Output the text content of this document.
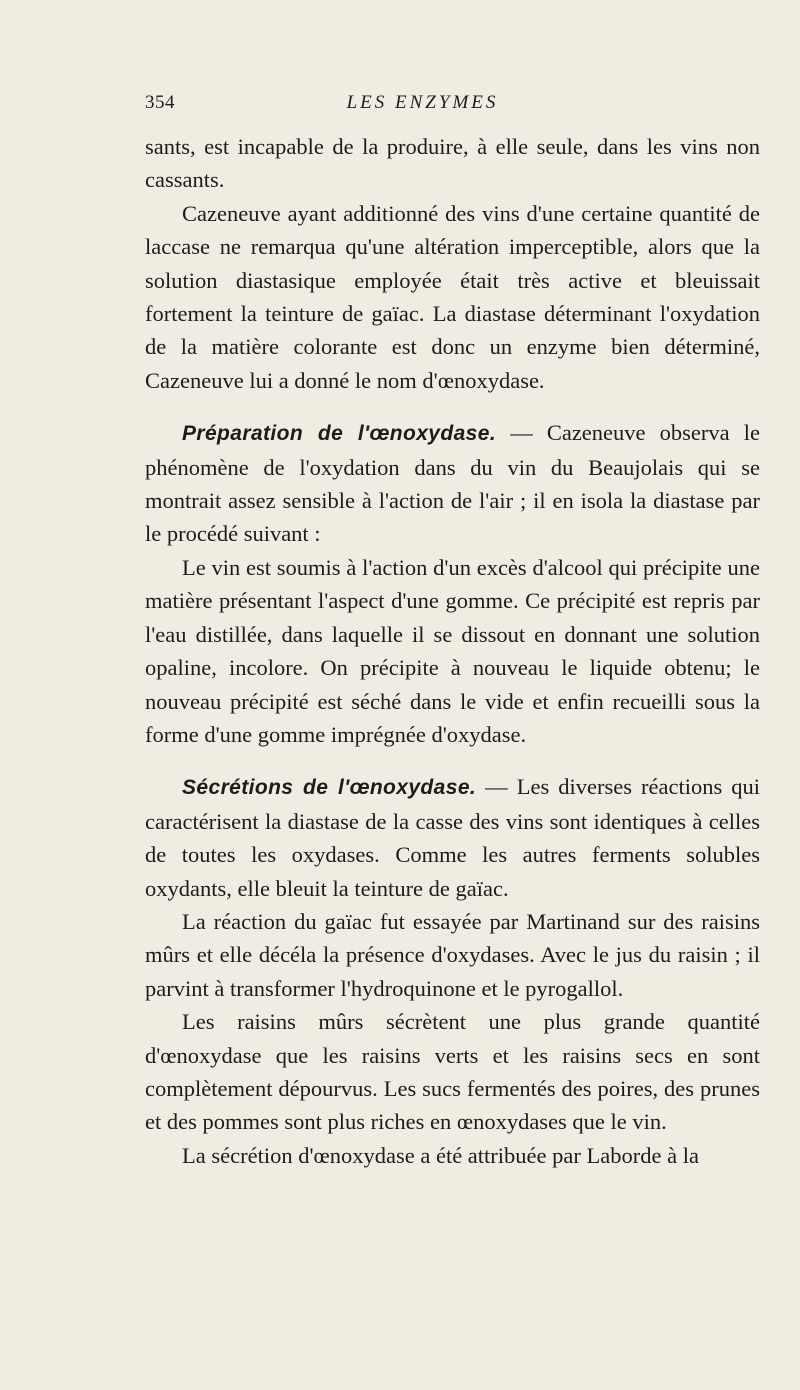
354	LES ENZYMES

sants, est incapable de la produire, à elle seule, dans les vins non cassants.

Cazeneuve ayant additionné des vins d'une certaine quantité de laccase ne remarqua qu'une altération imperceptible, alors que la solution diastasique employée était très active et bleuissait fortement la teinture de gaïac. La diastase déterminant l'oxydation de la matière colorante est donc un enzyme bien déterminé, Cazeneuve lui a donné le nom d'œnoxydase.

Préparation de l'œnoxydase. — Cazeneuve observa le phénomène de l'oxydation dans du vin du Beaujolais qui se montrait assez sensible à l'action de l'air ; il en isola la diastase par le procédé suivant :

Le vin est soumis à l'action d'un excès d'alcool qui précipite une matière présentant l'aspect d'une gomme. Ce précipité est repris par l'eau distillée, dans laquelle il se dissout en donnant une solution opaline, incolore. On précipite à nouveau le liquide obtenu; le nouveau précipité est séché dans le vide et enfin recueilli sous la forme d'une gomme imprégnée d'oxydase.

Sécrétions de l'œnoxydase. — Les diverses réactions qui caractérisent la diastase de la casse des vins sont identiques à celles de toutes les oxydases. Comme les autres ferments solubles oxydants, elle bleuit la teinture de gaïac.

La réaction du gaïac fut essayée par Martinand sur des raisins mûrs et elle décéla la présence d'oxydases. Avec le jus du raisin ; il parvint à transformer l'hydroquinone et le pyrogallol.

Les raisins mûrs sécrètent une plus grande quantité d'œnoxydase que les raisins verts et les raisins secs en sont complètement dépourvus. Les sucs fermentés des poires, des prunes et des pommes sont plus riches en œnoxydases que le vin.

La sécrétion d'œnoxydase a été attribuée par Laborde à la
